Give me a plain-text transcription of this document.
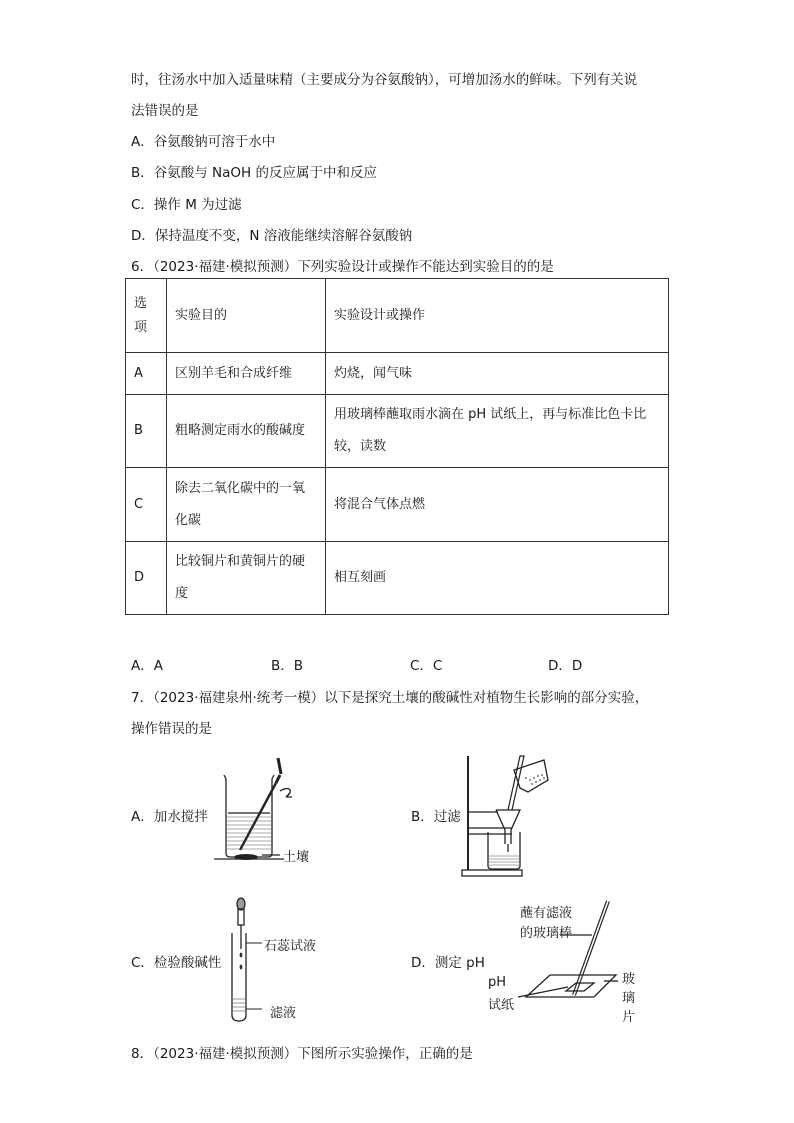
时，往汤水中加入适量味精（主要成分为谷氨酸钠），可增加汤水的鲜味。下列有关说
法错误的是
A．谷氨酸钠可溶于水中
B．谷氨酸与 NaOH 的反应属于中和反应
C．操作 M 为过滤
D．保持温度不变，N 溶液能继续溶解谷氨酸钠
6．（2023·福建·模拟预测）下列实验设计或操作不能达到实验目的的是
选
项	实验目的	实验设计或操作
A	区别羊毛和合成纤维	灼烧，闻气味
B	粗略测定雨水的酸碱度	用玻璃棒蘸取雨水滴在 pH 试纸上，再与标准比色卡比
较，读数

C	除去二氧化碳中的一氧
化碳	将混合气体点燃
D	比较铜片和黄铜片的硬
度	相互刻画
A．A	B．B	C．C	D．D
7．（2023·福建泉州·统考一模）以下是探究土壤的酸碱性对植物生长影响的部分实验，
操作错误的是
A．加水搅拌
土壤
B．过滤
C．检验酸碱性
石蕊试液
滤液
D．测定 pH
蘸有滤液
的玻璃棒
pH
试纸
玻
璃
片
8．（2023·福建·模拟预测）下图所示实验操作，正确的是
